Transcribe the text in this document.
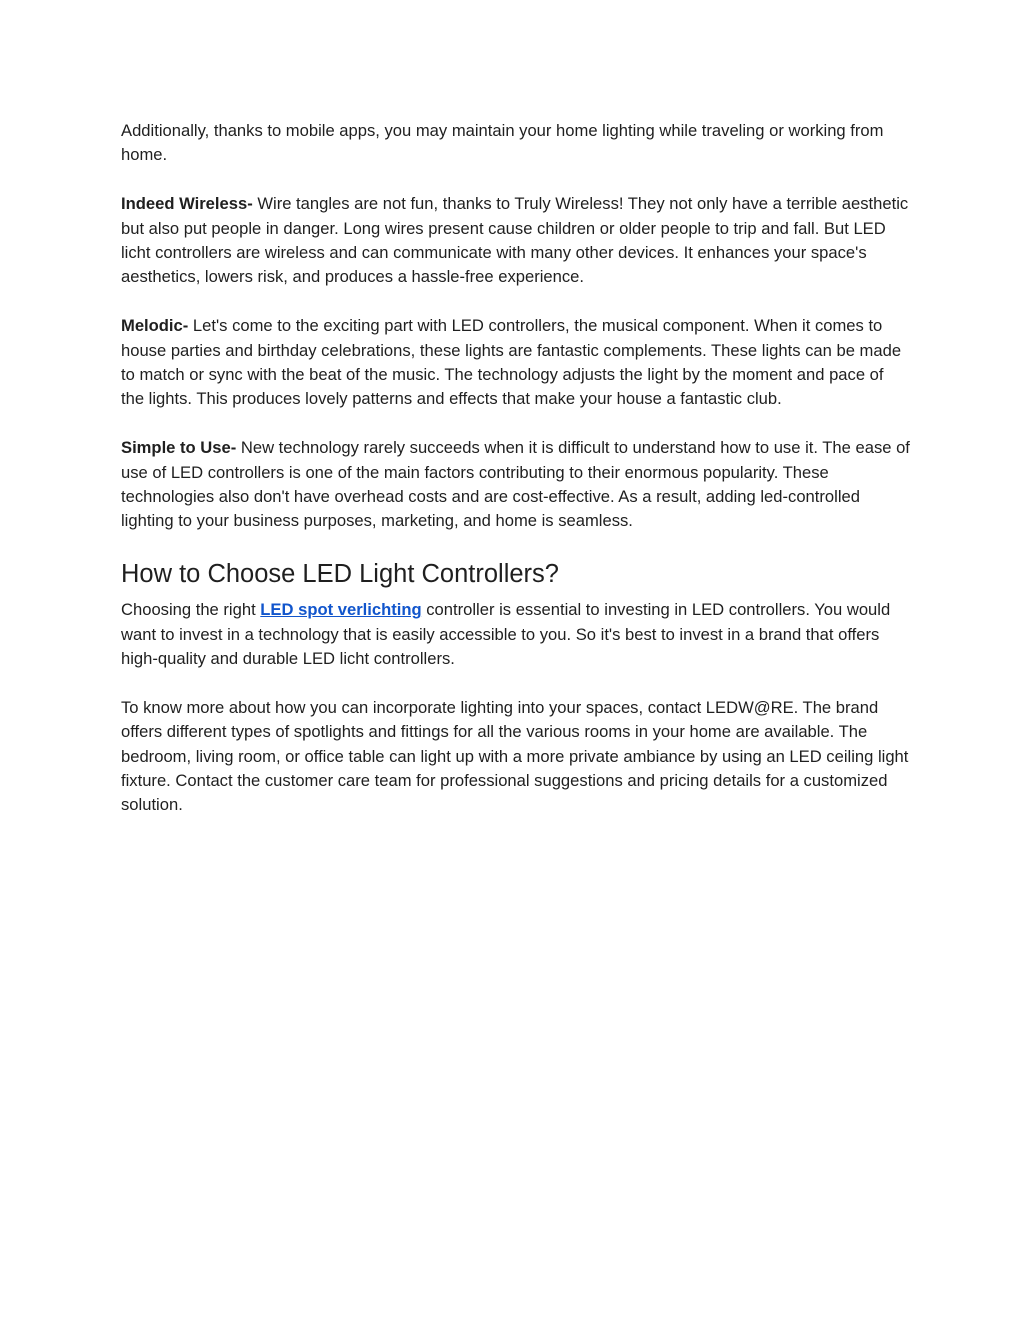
Additionally, thanks to mobile apps, you may maintain your home lighting while traveling or working from home.

Indeed Wireless- Wire tangles are not fun, thanks to Truly Wireless! They not only have a terrible aesthetic but also put people in danger. Long wires present cause children or older people to trip and fall. But LED licht controllers are wireless and can communicate with many other devices. It enhances your space's aesthetics, lowers risk, and produces a hassle-free experience.

Melodic- Let's come to the exciting part with LED controllers, the musical component. When it comes to house parties and birthday celebrations, these lights are fantastic complements. These lights can be made to match or sync with the beat of the music. The technology adjusts the light by the moment and pace of the lights. This produces lovely patterns and effects that make your house a fantastic club.

Simple to Use- New technology rarely succeeds when it is difficult to understand how to use it. The ease of use of LED controllers is one of the main factors contributing to their enormous popularity. These technologies also don't have overhead costs and are cost-effective. As a result, adding led-controlled lighting to your business purposes, marketing, and home is seamless.

How to Choose LED Light Controllers?

Choosing the right LED spot verlichting controller is essential to investing in LED controllers. You would want to invest in a technology that is easily accessible to you. So it's best to invest in a brand that offers high-quality and durable LED licht controllers.

To know more about how you can incorporate lighting into your spaces, contact LEDW@RE. The brand offers different types of spotlights and fittings for all the various rooms in your home are available. The bedroom, living room, or office table can light up with a more private ambiance by using an LED ceiling light fixture. Contact the customer care team for professional suggestions and pricing details for a customized solution.
